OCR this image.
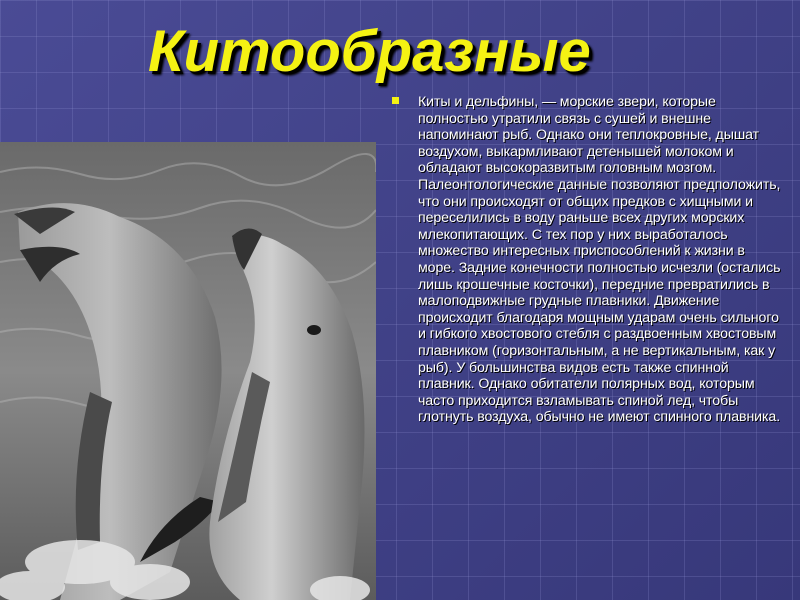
Китообразные

Киты и дельфины, — морские звери, которые полностью утратили связь с сушей и внешне напоминают рыб. Однако они теплокровные, дышат воздухом, выкармливают детенышей молоком и обладают высокоразвитым головным мозгом. Палеонтологические данные позволяют предположить, что они происходят от общих предков с хищными и переселились в воду раньше всех других морских млекопитающих. С тех пор у них выработалось множество интересных приспособлений к жизни в море. Задние конечности полностью исчезли (остались лишь крошечные косточки), передние превратились в малоподвижные грудные плавники. Движение происходит благодаря мощным ударам очень сильного и гибкого хвостового стебля с раздвоенным хвостовым плавником (горизонтальным, а не вертикальным, как у рыб). У большинства видов есть также спинной плавник. Однако обитатели полярных вод, которым часто приходится взламывать спиной лед, чтобы глотнуть воздуха, обычно не имеют спинного плавника.
